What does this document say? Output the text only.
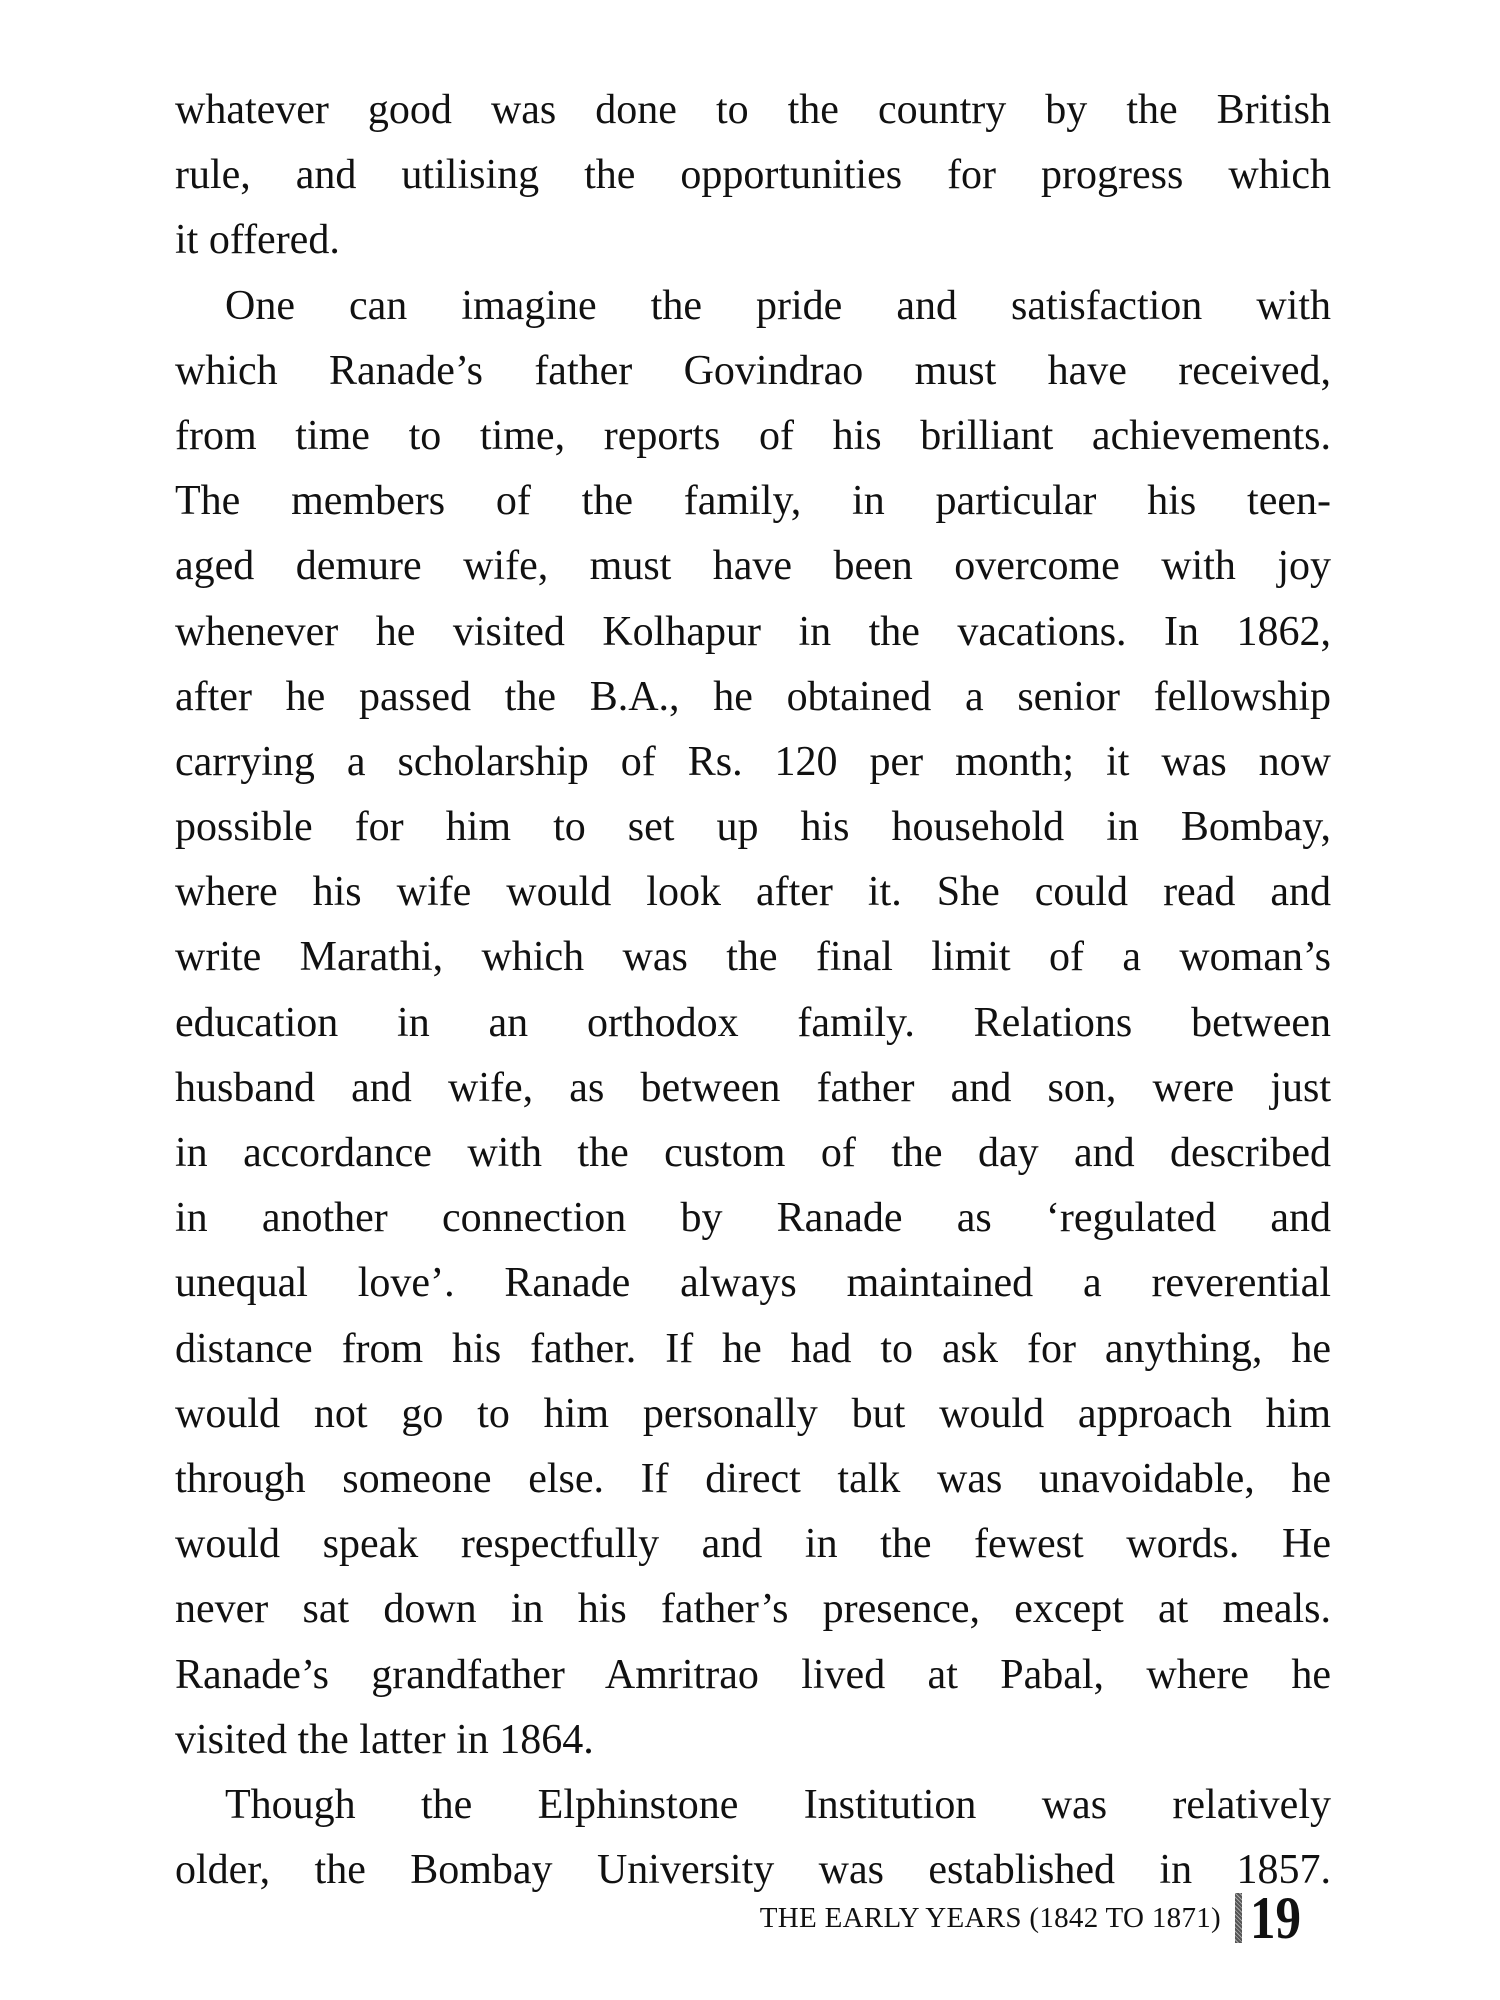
whatever good was done to the country by the British
rule, and utilising the opportunities for progress which
it offered.
One can imagine the pride and satisfaction with
which Ranade’s father Govindrao must have received,
from time to time, reports of his brilliant achievements.
The members of the family, in particular his teen-
aged demure wife, must have been overcome with joy
whenever he visited Kolhapur in the vacations. In 1862,
after he passed the B.A., he obtained a senior fellowship
carrying a scholarship of Rs. 120 per month; it was now
possible for him to set up his household in Bombay,
where his wife would look after it. She could read and
write Marathi, which was the final limit of a woman’s
education in an orthodox family. Relations between
husband and wife, as between father and son, were just
in accordance with the custom of the day and described
in another connection by Ranade as ‘regulated and
unequal love’. Ranade always maintained a reverential
distance from his father. If he had to ask for anything, he
would not go to him personally but would approach him
through someone else. If direct talk was unavoidable, he
would speak respectfully and in the fewest words. He
never sat down in his father’s presence, except at meals.
Ranade’s grandfather Amritrao lived at Pabal, where he
visited the latter in 1864.
Though the Elphinstone Institution was relatively
older, the Bombay University was established in 1857.
THE EARLY YEARS (1842 TO 1871) 19
